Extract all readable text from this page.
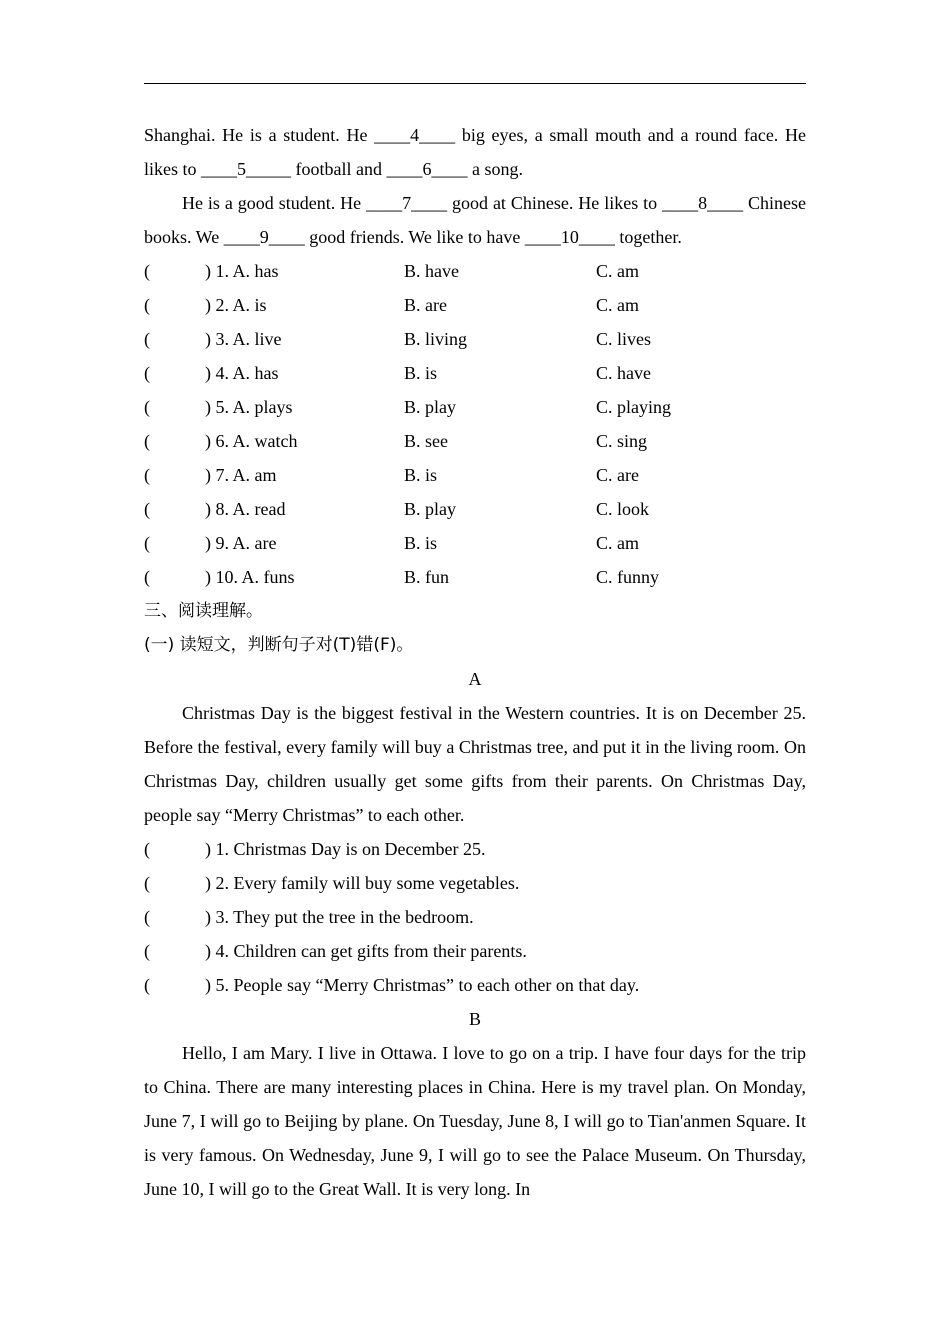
Shanghai. He is a student. He ____4____ big eyes, a small mouth and a round face. He likes to ____5_____ football and ____6____ a song.

He is a good student. He ____7____ good at Chinese. He likes to ____8____ Chinese books. We ____9____ good friends. We like to have ____10____ together.

(	) 1. A. has	B. have	C. am
(	) 2. A. is	B. are	C. am
(	) 3. A. live	B. living	C. lives
(	) 4. A. has	B. is	C. have
(	) 5. A. plays	B. play	C. playing
(	) 6. A. watch	B. see	C. sing
(	) 7. A. am	B. is	C. are
(	) 8. A. read	B. play	C. look
(	) 9. A. are	B. is	C. am
(	) 10. A. funs	B. fun	C. funny
三、阅读理解。
(一) 读短文，判断句子对(T)错(F)。
A

Christmas Day is the biggest festival in the Western countries. It is on December 25. Before the festival, every family will buy a Christmas tree, and put it in the living room. On Christmas Day, children usually get some gifts from their parents. On Christmas Day, people say “Merry Christmas” to each other.

(	) 1. Christmas Day is on December 25.
(	) 2. Every family will buy some vegetables.
(	) 3. They put the tree in the bedroom.
(	) 4. Children can get gifts from their parents.
(	) 5. People say “Merry Christmas” to each other on that day.
B

Hello, I am Mary. I live in Ottawa. I love to go on a trip. I have four days for the trip to China. There are many interesting places in China. Here is my travel plan. On Monday, June 7, I will go to Beijing by plane. On Tuesday, June 8, I will go to Tian'anmen Square. It is very famous. On Wednesday, June 9, I will go to see the Palace Museum. On Thursday, June 10, I will go to the Great Wall. It is very long. In
